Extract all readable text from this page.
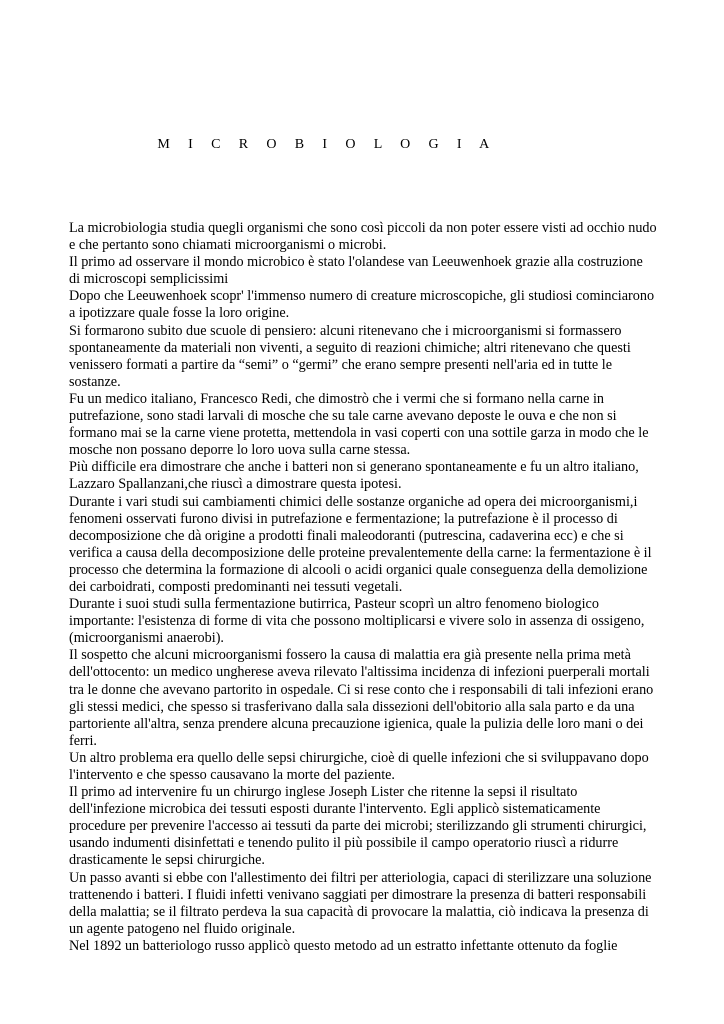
M I C R O B I O L O G I A

La microbiologia studia quegli organismi che sono così piccoli da non poter essere visti ad occhio nudo e che pertanto sono chiamati microorganismi o microbi.

Il primo ad osservare il mondo microbico è stato l'olandese van Leeuwenhoek grazie alla costruzione di microscopi semplicissimi

Dopo che Leeuwenhoek scopr' l'immenso numero di creature microscopiche, gli studiosi cominciarono a ipotizzare quale fosse la loro origine.

Si formarono subito due scuole di pensiero: alcuni ritenevano che i microorganismi si formassero spontaneamente da materiali non viventi, a seguito di reazioni chimiche; altri ritenevano che questi venissero formati a partire da “semi” o “germi” che erano sempre presenti nell'aria ed in tutte le sostanze.

Fu un medico italiano, Francesco Redi, che dimostrò che i vermi che si formano nella carne in putrefazione, sono stadi larvali di mosche che su tale carne avevano deposte le ouva e che non si formano mai se la carne viene protetta, mettendola in vasi coperti con una sottile garza in modo che le mosche non possano deporre lo loro uova sulla carne stessa.

Più difficile era dimostrare che anche i batteri non si generano spontaneamente e fu un altro italiano, Lazzaro Spallanzani,che riuscì a dimostrare questa ipotesi.

Durante i vari studi sui cambiamenti chimici delle sostanze organiche ad opera dei microorganismi,i fenomeni osservati furono divisi in putrefazione e fermentazione; la putrefazione è il processo di decomposizione che dà origine a prodotti finali maleodoranti (putrescina, cadaverina ecc) e che si verifica a causa della decomposizione delle proteine prevalentemente della carne: la fermentazione è il processo che determina la formazione di alcooli o acidi organici quale conseguenza della demolizione dei carboidrati, composti predominanti nei tessuti vegetali.

Durante i suoi studi sulla fermentazione butirrica, Pasteur scoprì un altro fenomeno biologico importante: l'esistenza di forme di vita che possono moltiplicarsi e vivere solo in assenza di ossigeno, (microorganismi anaerobi).

Il sospetto che alcuni microorganismi fossero la causa di malattia era già presente nella prima metà dell'ottocento: un medico ungherese aveva rilevato l'altissima incidenza di infezioni puerperali mortali tra le donne che avevano partorito in ospedale. Ci si rese conto che i responsabili di tali infezioni erano gli stessi medici, che spesso si trasferivano dalla sala dissezioni dell'obitorio alla sala parto e da una partoriente all'altra, senza prendere alcuna precauzione igienica, quale la pulizia delle loro mani o dei ferri.

Un altro problema era quello delle sepsi chirurgiche, cioè di quelle infezioni che si sviluppavano dopo l'intervento e che spesso causavano la morte del paziente.

Il primo ad intervenire fu un chirurgo inglese Joseph Lister che ritenne la sepsi il risultato dell'infezione microbica dei tessuti esposti durante l'intervento. Egli applicò sistematicamente procedure per prevenire l'accesso ai tessuti da parte dei microbi; sterilizzando gli strumenti chirurgici, usando indumenti disinfettati e tenendo pulito il più possibile il campo operatorio riuscì a ridurre drasticamente le sepsi chirurgiche.

Un passo avanti si ebbe con l'allestimento dei filtri per atteriologia, capaci di sterilizzare una soluzione trattenendo i batteri. I fluidi infetti venivano saggiati per dimostrare la presenza di batteri responsabili della malattia; se il filtrato perdeva la sua capacità di provocare la malattia, ciò indicava la presenza di un agente patogeno nel fluido originale.

Nel 1892 un batteriologo russo applicò questo metodo ad un estratto infettante ottenuto da foglie
